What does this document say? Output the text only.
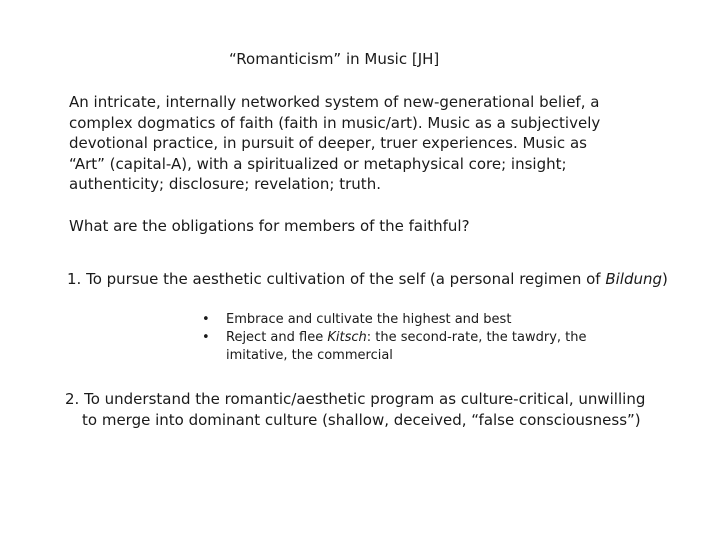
“Romanticism” in Music [JH]
An intricate, internally networked system of new-generational belief, a
complex dogmatics of faith (faith in music/art). Music as a subjectively
devotional practice, in pursuit of deeper, truer experiences. Music as
“Art” (capital-A), with a spiritualized or metaphysical core; insight;
authenticity; disclosure; revelation; truth.
What are the obligations for members of the faithful?
1. To pursue the aesthetic cultivation of the self (a personal regimen of Bildung)
• Embrace and cultivate the highest and best
• Reject and flee Kitsch: the second-rate, the tawdry, the
imitative, the commercial
2. To understand the romantic/aesthetic program as culture-critical, unwilling
to merge into dominant culture (shallow, deceived, “false consciousness”)
